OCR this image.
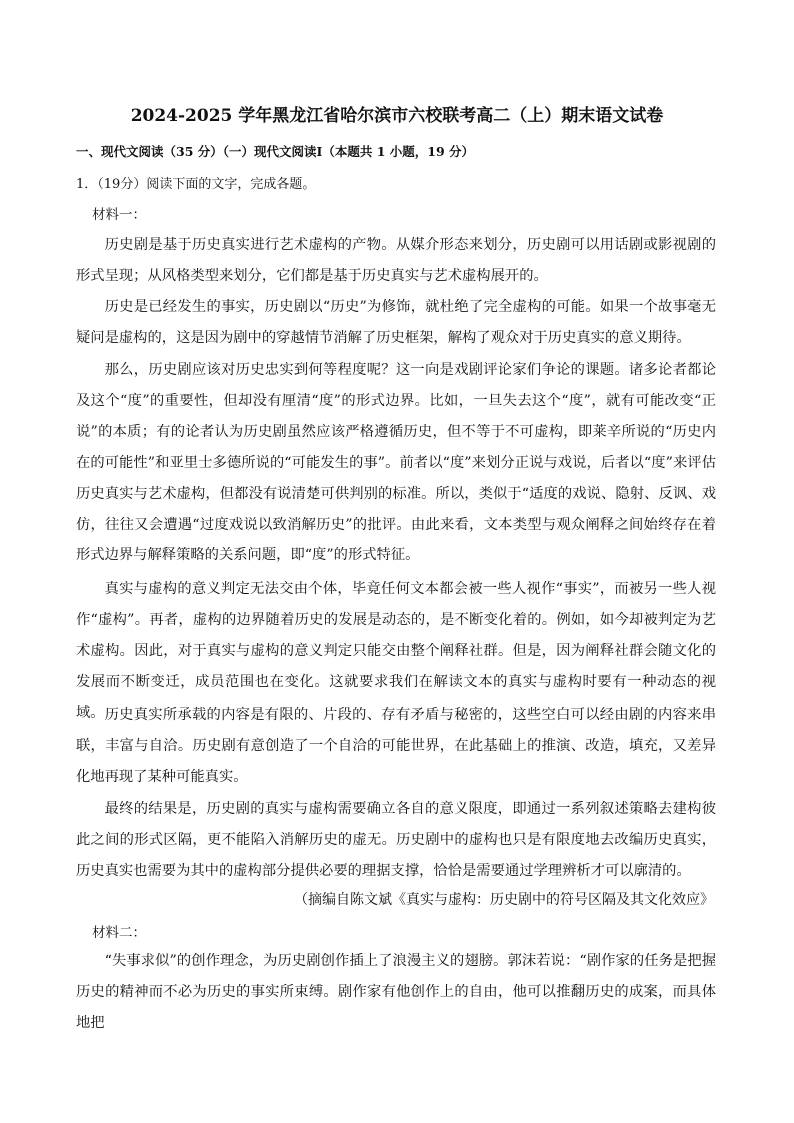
2024-2025 学年黑龙江省哈尔滨市六校联考高二（上）期末语文试卷
一、现代文阅读（35 分）（一）现代文阅读Ⅰ（本题共 1 小题，19 分）
1．（19分）阅读下面的文字，完成各题。
材料一：

历史剧是基于历史真实进行艺术虚构的产物。从媒介形态来划分，历史剧可以用话剧或影视剧的形式呈现；从风格类型来划分，它们都是基于历史真实与艺术虚构展开的。

历史是已经发生的事实，历史剧以“历史”为修饰，就杜绝了完全虚构的可能。如果一个故事毫无疑问是虚构的，这是因为剧中的穿越情节消解了历史框架，解构了观众对于历史真实的意义期待。

那么，历史剧应该对历史忠实到何等程度呢？这一向是戏剧评论家们争论的课题。诸多论者都论及这个“度”的重要性，但却没有厘清“度”的形式边界。比如，一旦失去这个“度”，就有可能改变“正说”的本质；有的论者认为历史剧虽然应该严格遵循历史，但不等于不可虚构，即莱辛所说的“历史内在的可能性”和亚里士多德所说的“可能发生的事”。前者以“度”来划分正说与戏说，后者以“度”来评估历史真实与艺术虚构，但都没有说清楚可供判别的标准。所以，类似于“适度的戏说、隐射、反讽、戏仿，往往又会遭遇“过度戏说以致消解历史”的批评。由此来看，文本类型与观众阐释之间始终存在着形式边界与解释策略的关系问题，即“度”的形式特征。

真实与虚构的意义判定无法交由个体，毕竟任何文本都会被一些人视作“事实”，而被另一些人视作“虚构”。再者，虚构的边界随着历史的发展是动态的，是不断变化着的。例如，如今却被判定为艺术虚构。因此，对于真实与虚构的意义判定只能交由整个阐释社群。但是，因为阐释社群会随文化的发展而不断变迁，成员范围也在变化。这就要求我们在解读文本的真实与虚构时要有一种动态的视域。 历史真实所承载的内容是有限的、片段的、存有矛盾与秘密的，这些空白可以经由剧的内容来串联，丰富与自洽。历史剧有意创造了一个自洽的可能世界，在此基础上的推演、改造，填充，又差异化地再现了某种可能真实。

最终的结果是，历史剧的真实与虚构需要确立各自的意义限度，即通过一系列叙述策略去建构彼此之间的形式区隔，更不能陷入消解历史的虚无。历史剧中的虚构也只是有限度地去改编历史真实，历史真实也需要为其中的虚构部分提供必要的理据支撑，恰恰是需要通过学理辨析才可以廓清的。

（摘编自陈文斌《真实与虚构：历史剧中的符号区隔及其文化效应》
材料二：

“失事求似”的创作理念，为历史剧创作插上了浪漫主义的翅膀。郭沫若说：“剧作家的任务是把握历史的精神而不必为历史的事实所束缚。剧作家有他创作上的自由，他可以推翻历史的成案，而具体地把
